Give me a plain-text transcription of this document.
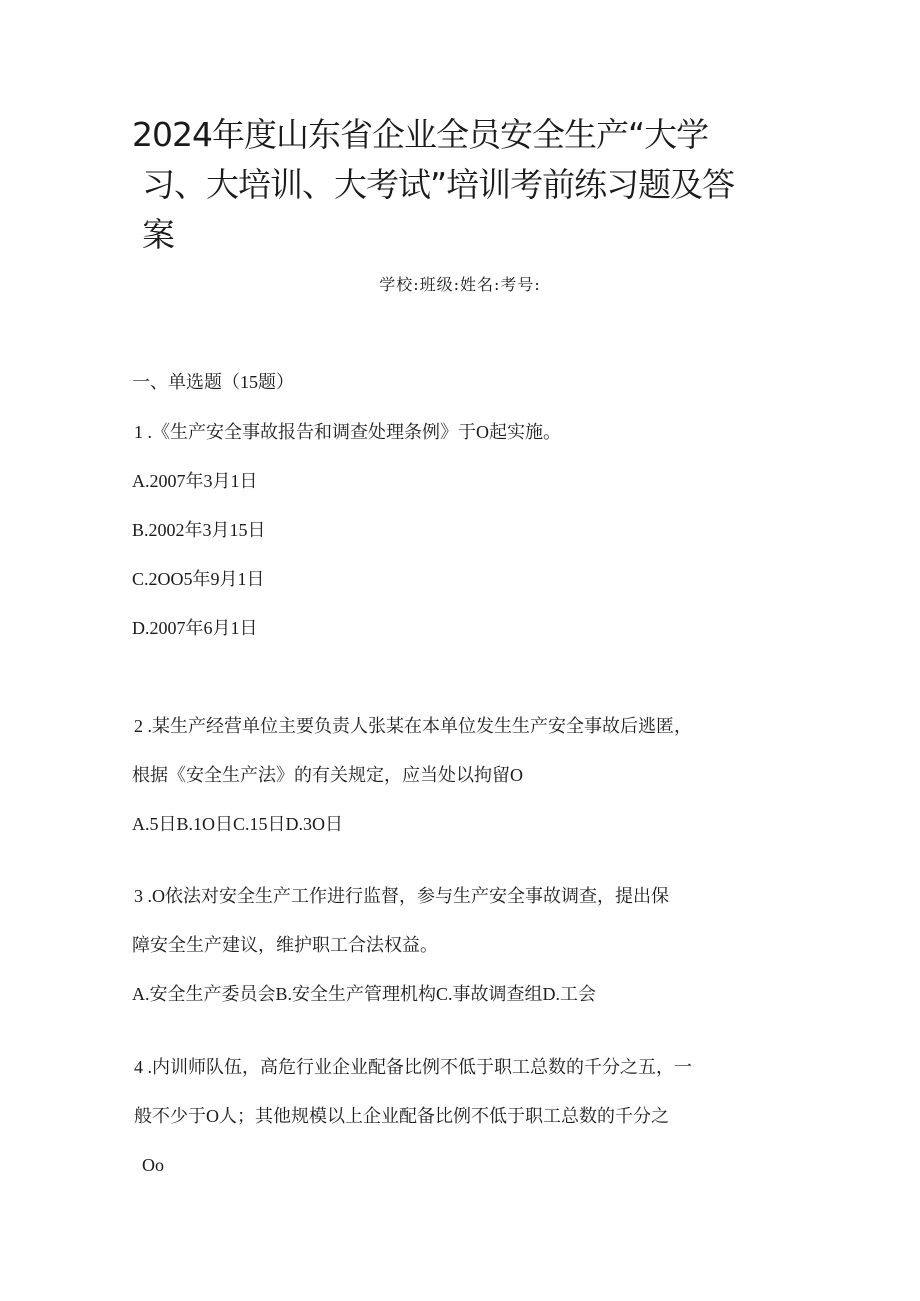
2024年度山东省企业全员安全生产“大学
习、大培训、大考试”培训考前练习题及答
案
学校:班级:姓名:考号:
一、单选题（15题）
1 .《生产安全事故报告和调查处理条例》于O起实施。
A.2007年3月1日
B.2002年3月15日
C.2OO5年9月1日
D.2007年6月1日
2 .某生产经营单位主要负责人张某在本单位发生生产安全事故后逃匿，
根据《安全生产法》的有关规定，应当处以拘留O
A.5日B.1O日C.15日D.3O日
3 .O依法对安全生产工作进行监督，参与生产安全事故调查，提出保
障安全生产建议，维护职工合法权益。
A.安全生产委员会B.安全生产管理机构C.事故调查组D.工会
4 .内训师队伍，高危行业企业配备比例不低于职工总数的千分之五，一
般不少于O人；其他规模以上企业配备比例不低于职工总数的千分之
Oo
